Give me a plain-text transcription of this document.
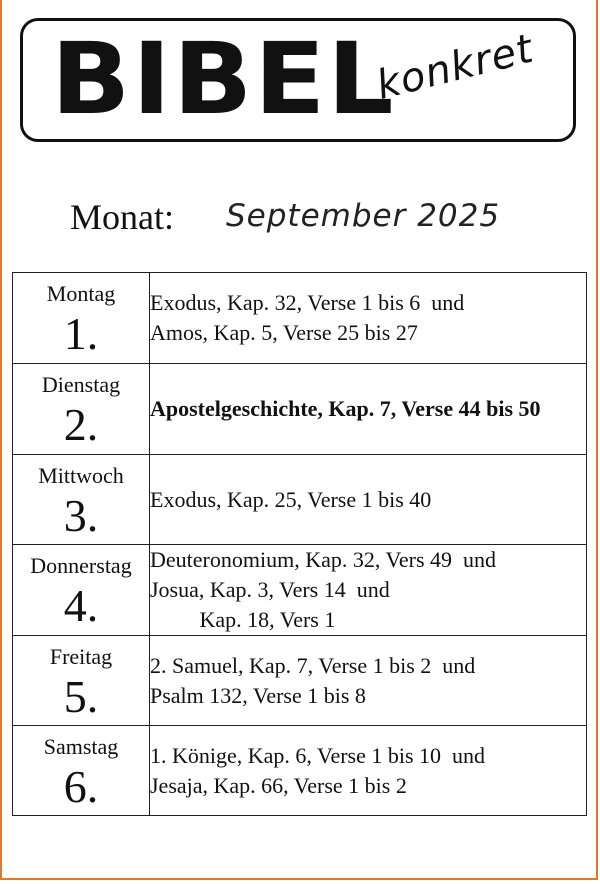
BIBEL
konkret
Monat: September 2025
Montag
1.	Exodus, Kap. 32, Verse 1 bis 6  und
Amos, Kap. 5, Verse 25 bis 27

Dienstag
2.	Apostelgeschichte, Kap. 7, Verse 44 bis 50

Mittwoch
3.	Exodus, Kap. 25, Verse 1 bis 40

Donnerstag
4.	Deuteronomium, Kap. 32, Vers 49  und
Josua, Kap. 3, Vers 14  und
Kap. 18, Vers 1

Freitag
5.	2. Samuel, Kap. 7, Verse 1 bis 2  und
Psalm 132, Verse 1 bis 8

Samstag
6.	1. Könige, Kap. 6, Verse 1 bis 10  und
Jesaja, Kap. 66, Verse 1 bis 2
